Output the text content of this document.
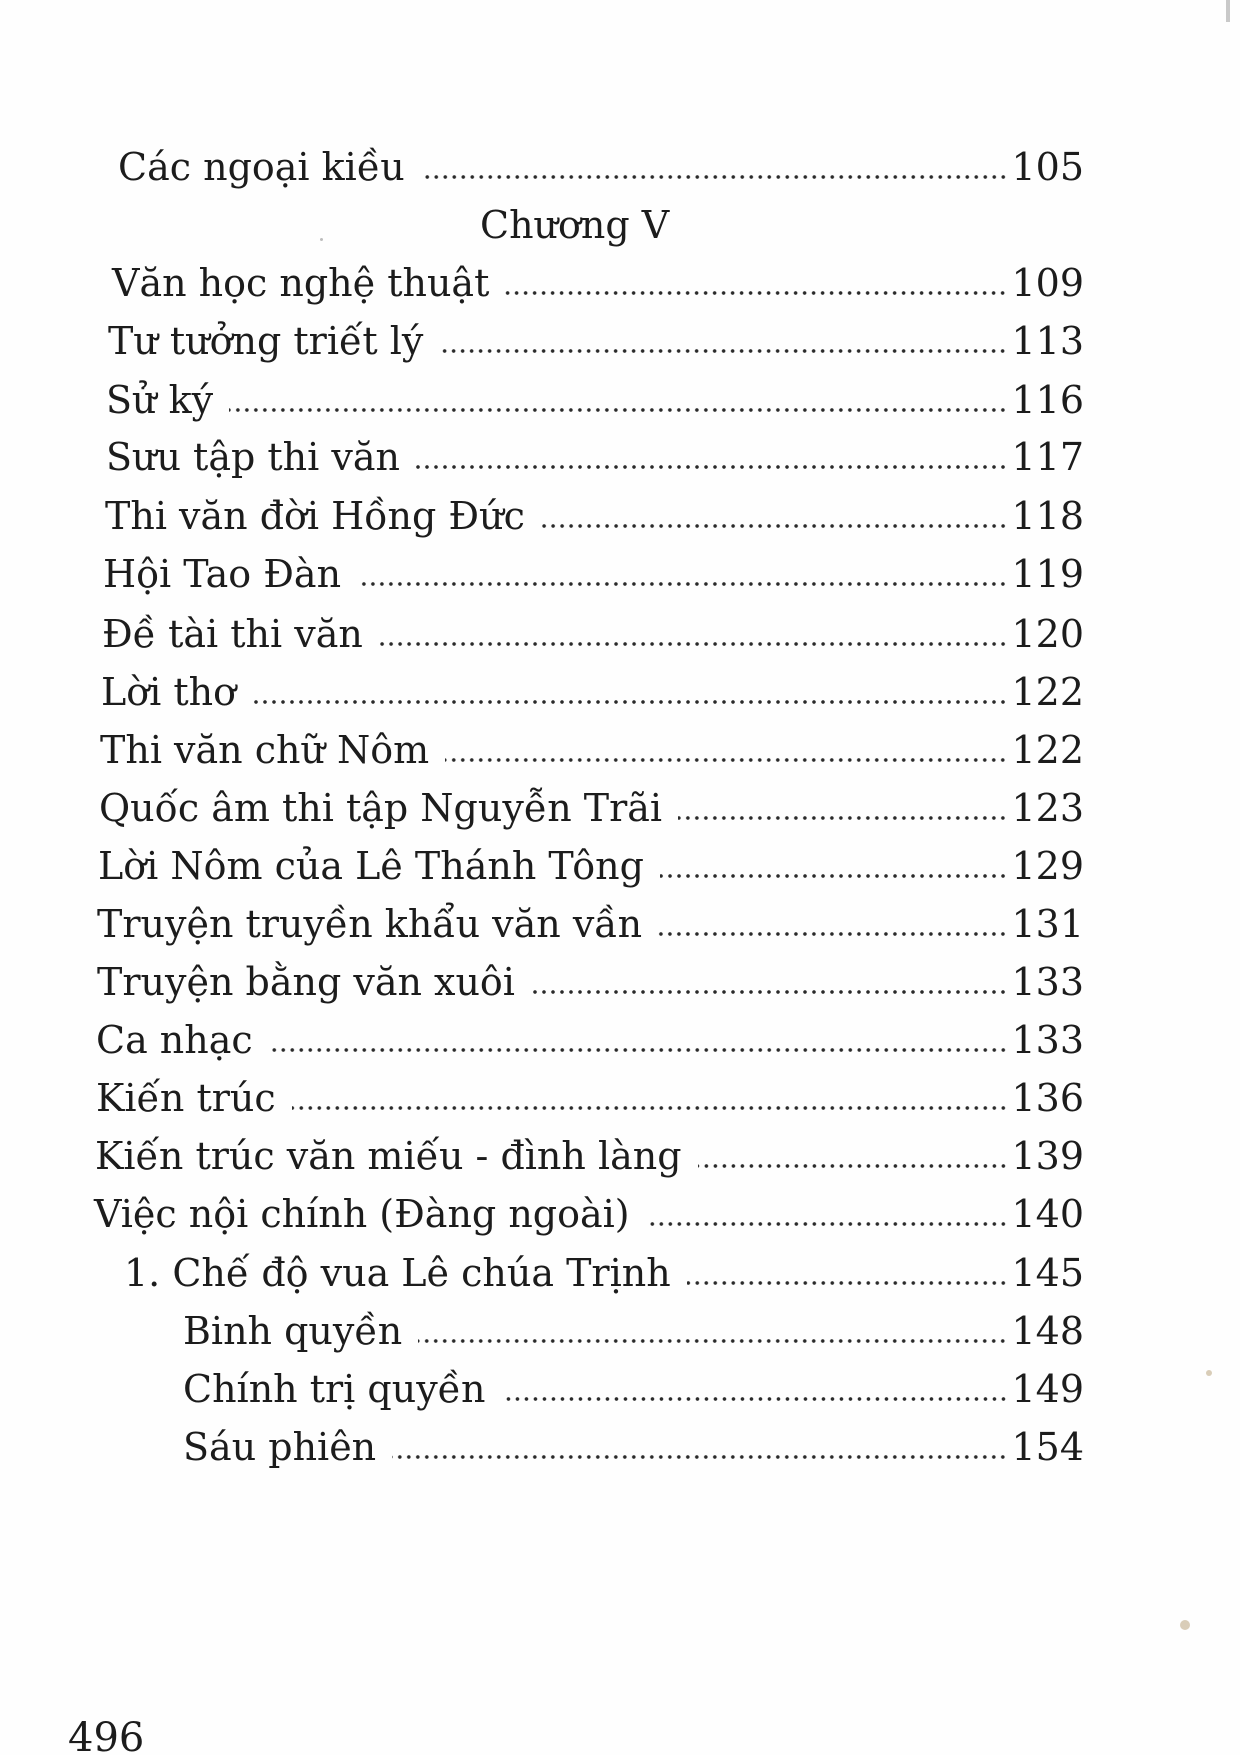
Các ngoại kiều	105
Chương V
Văn học nghệ thuật	109
Tư tưởng triết lý	113
Sử ký	116
Sưu tập thi văn	117
Thi văn đời Hồng Đức	118
Hội Tao Đàn	119
Đề tài thi văn	120
Lời thơ	122
Thi văn chữ Nôm	122
Quốc âm thi tập Nguyễn Trãi	123
Lời Nôm của Lê Thánh Tông	129
Truyện truyền khẩu văn vần	131
Truyện bằng văn xuôi	133
Ca nhạc	133
Kiến trúc	136
Kiến trúc văn miếu - đình làng	139
Việc nội chính (Đàng ngoài)	140
1. Chế độ vua Lê chúa Trịnh	145
Binh quyền	148
Chính trị quyền	149
Sáu phiên	154
496
